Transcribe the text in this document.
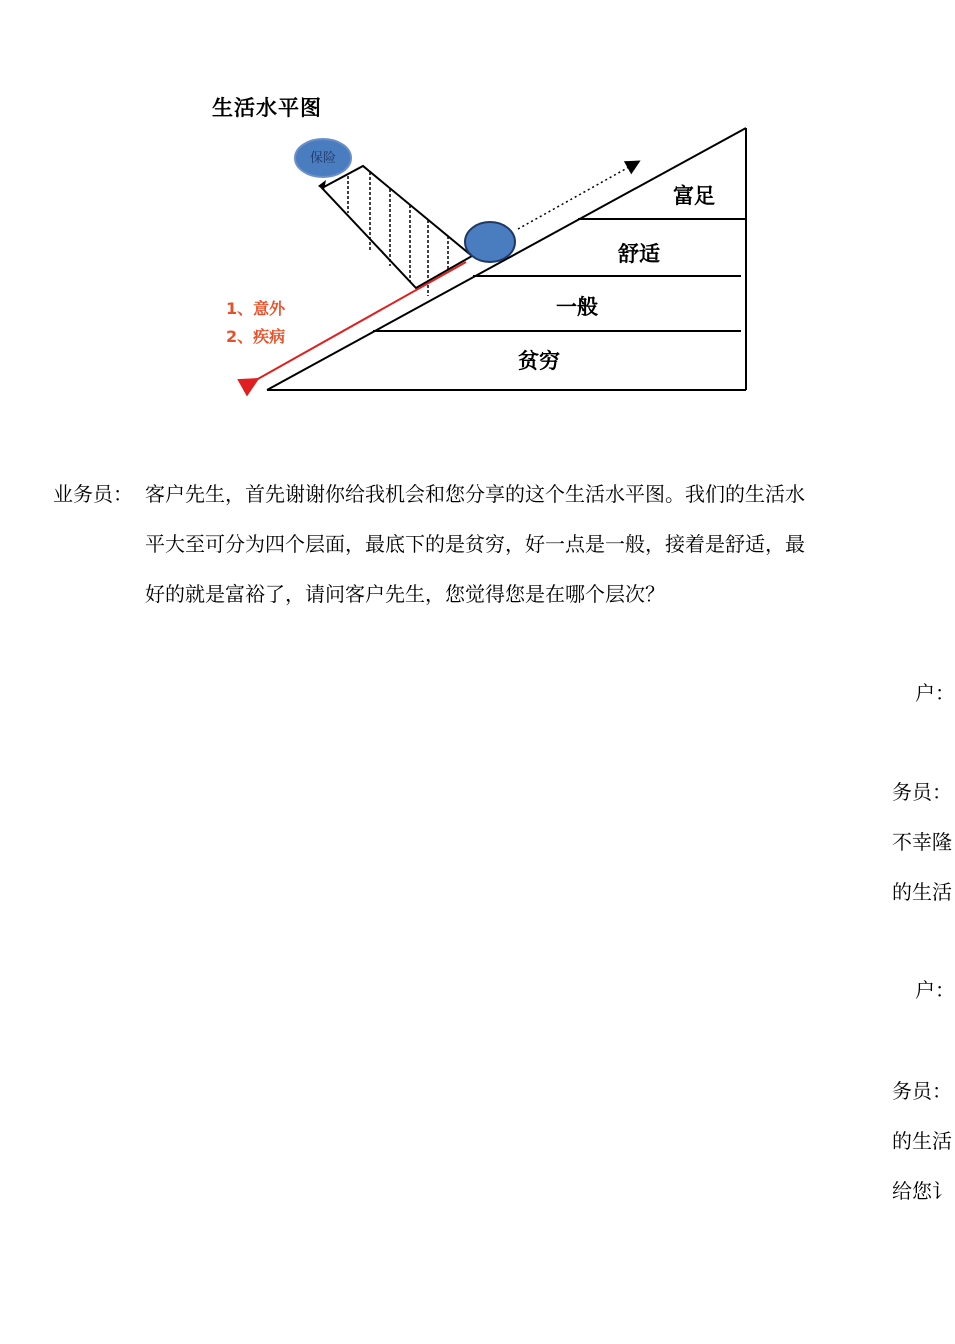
生活水平图
保险
富足
舒适
一般
贫穷
1、意外
2、疾病
业务员： 客户先生，首先谢谢你给我机会和您分享的这个生活水平图。我们的生活水
平大至可分为四个层面，最底下的是贫穷，好一点是一般，接着是舒适，最
好的就是富裕了，请问客户先生，您觉得您是在哪个层次？
户：
务员：
不幸隆
的生活
户：
务员：
的生活
给您讠
